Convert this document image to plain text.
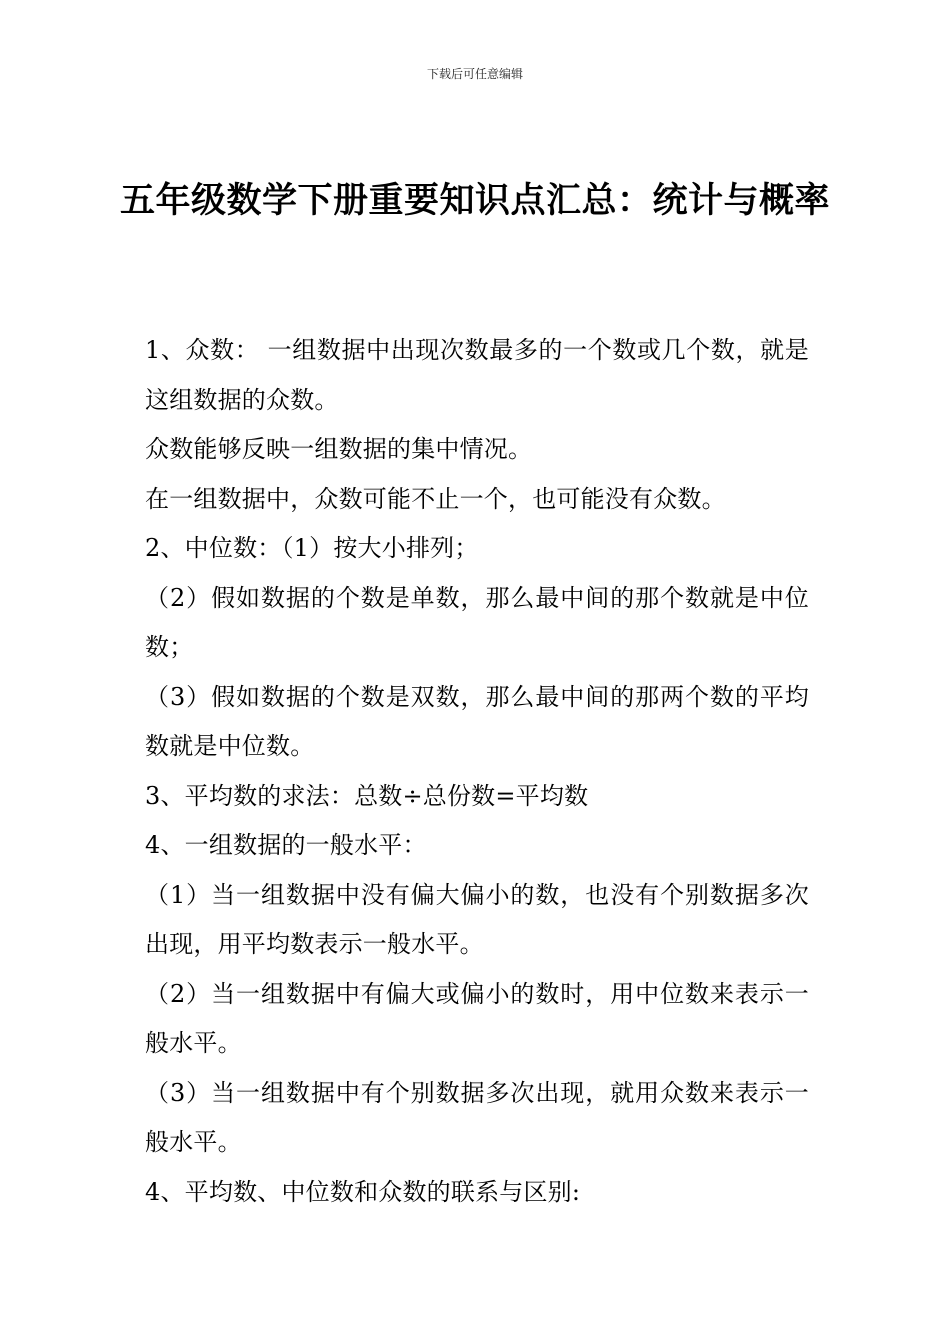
下载后可任意编辑
五年级数学下册重要知识点汇总：统计与概率

1、众数： 一组数据中出现次数最多的一个数或几个数，就是这组数据的众数。

众数能够反映一组数据的集中情况。

在一组数据中，众数可能不止一个，也可能没有众数。

2、中位数：（1）按大小排列；

（2）假如数据的个数是单数，那么最中间的那个数就是中位数；

（3）假如数据的个数是双数，那么最中间的那两个数的平均数就是中位数。

3、平均数的求法：总数÷总份数=平均数

4、一组数据的一般水平：

（1）当一组数据中没有偏大偏小的数，也没有个别数据多次出现，用平均数表示一般水平。

（2）当一组数据中有偏大或偏小的数时，用中位数来表示一般水平。

（3）当一组数据中有个别数据多次出现，就用众数来表示一般水平。

4、平均数、中位数和众数的联系与区别:
